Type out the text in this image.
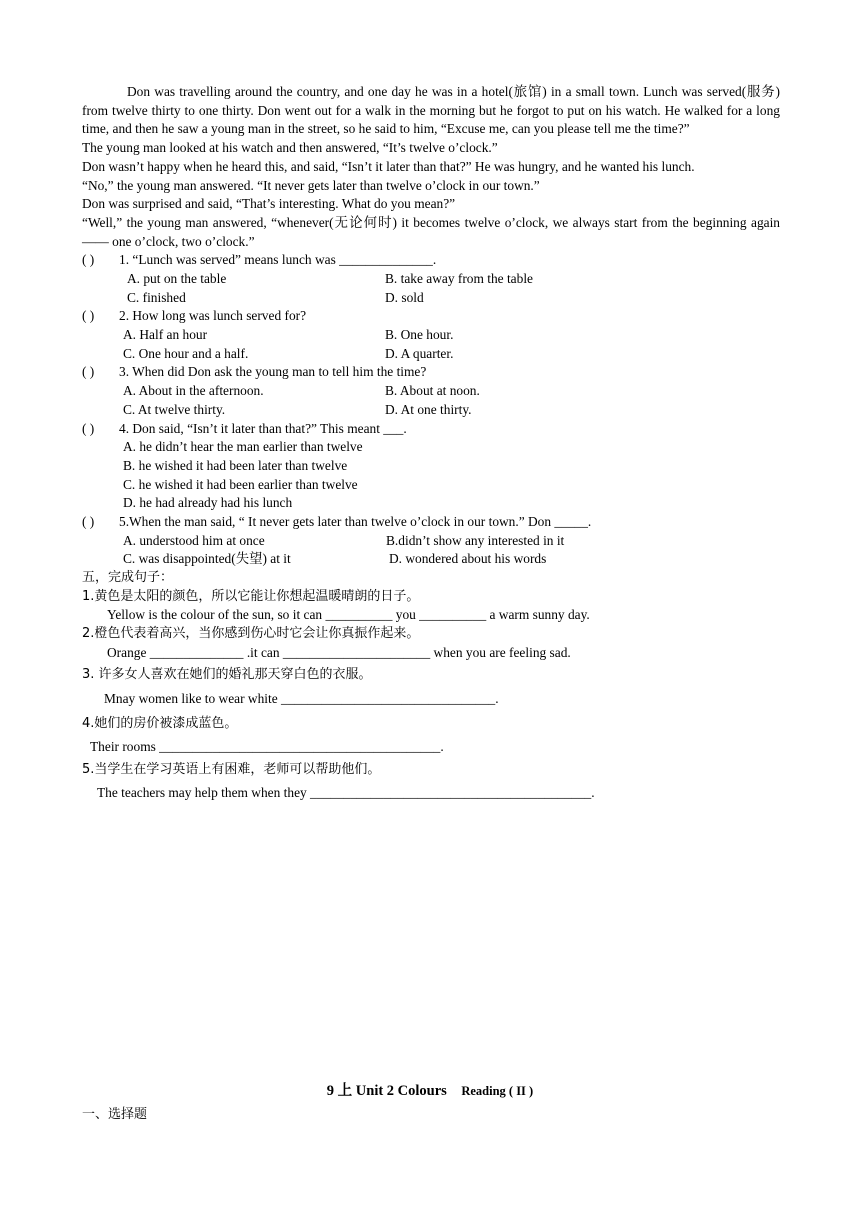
Don was travelling around the country, and one day he was in a hotel(旅馆) in a small town. Lunch was served(服务) from twelve thirty to one thirty. Don went out for a walk in the morning but he forgot to put on his watch. He walked for a long time, and then he saw a young man in the street, so he said to him, “Excuse me, can you please tell me the time?”

The young man looked at his watch and then answered, “It’s twelve o’clock.”

Don wasn’t happy when he heard this, and said, “Isn’t it later than that?” He was hungry, and he wanted his lunch.

“No,” the young man answered. “It never gets later than twelve o’clock in our town.”

Don was surprised and said, “That’s interesting. What do you mean?”

“Well,” the young man answered, “whenever(无论何时) it becomes twelve o’clock, we always start from the beginning again—— one o’clock, two o’clock.”

( ) 1. “Lunch was served” means lunch was ______________.
A. put on the table	B. take away from the table
C. finished	D. sold
( ) 2. How long was lunch served for?
A. Half an hour	B. One hour.
C. One hour and a half.	D. A quarter.
( ) 3. When did Don ask the young man to tell him the time?
A. About in the afternoon.	B. About at noon.
C. At twelve thirty.	D. At one thirty.
( ) 4. Don said, “Isn’t it later than that?” This meant ___.
A. he didn’t hear the man earlier than twelve
B. he wished it had been later than twelve
C. he wished it had been earlier than twelve
D. he had already had his lunch
( ) 5.When the man said, “ It never gets later than twelve o’clock in our town.” Don _____.
A. understood him at once	B.didn’t show any interested in it
C. was disappointed(失望) at it	D. wondered about his words
五，完成句子：
1.黄色是太阳的颜色，所以它能让你想起温暖晴朗的日子。
Yellow is the colour of the sun, so it can __________ you __________ a warm sunny day.
2.橙色代表着高兴，当你感到伤心时它会让你真振作起来。
Orange ______________ .it can ______________________ when you are feeling sad.
3. 许多女人喜欢在她们的婚礼那天穿白色的衣服。
Mnay women like to wear white ________________________________.
4.她们的房价被漆成蓝色。
Their rooms __________________________________________.
5.当学生在学习英语上有困难，老师可以帮助他们。
The teachers may help them when they __________________________________________.
9 上 Unit 2 Colours Reading ( II )
一、选择题
